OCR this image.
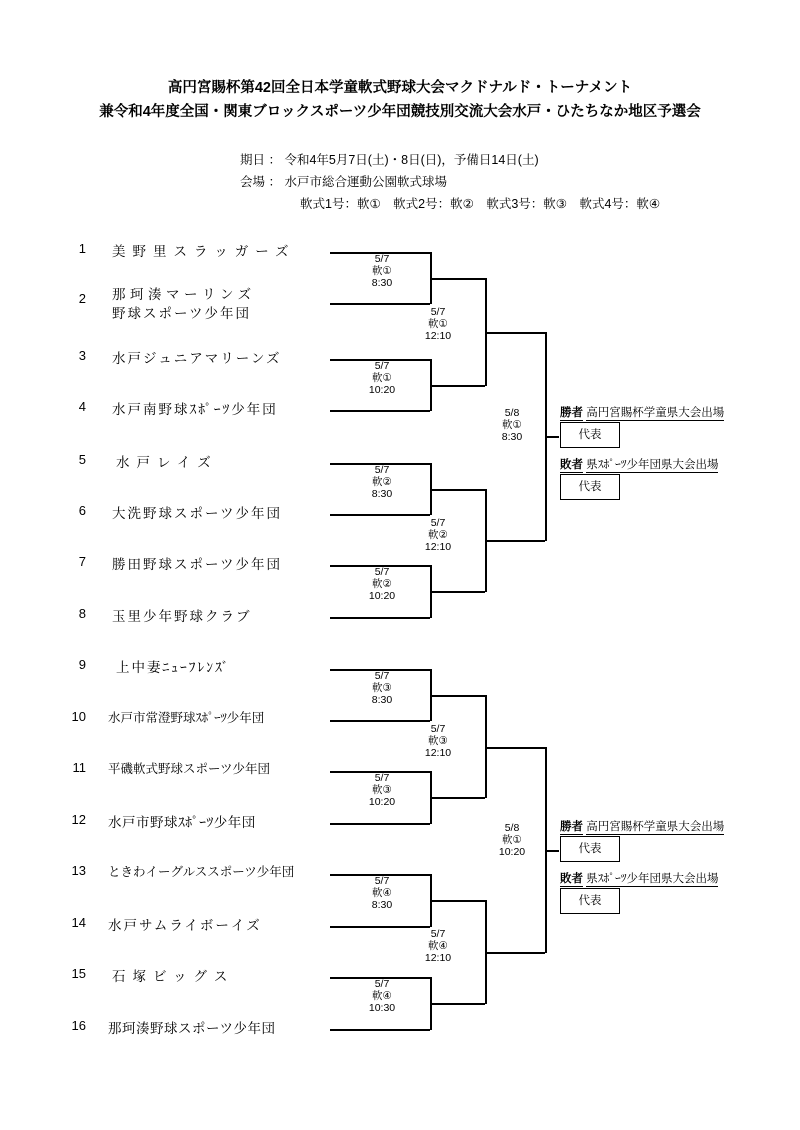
高円宮賜杯第42回全日本学童軟式野球大会マクドナルド・トーナメント
兼令和4年度全国・関東ブロックスポーツ少年団競技別交流大会水戸・ひたちなか地区予選会
期日 ： 令和4年5月7日(土)・8日(日)，予備日14日(土)
会場 ： 水戸市総合運動公園軟式球場
軟式1号：軟①　軟式2号：軟②　軟式3号：軟③　軟式4号：軟④
1 美野里スラッガーズ
2 那珂湊マーリンズ
野球スポーツ少年団
3 水戸ジュニアマリーンズ
4 水戸南野球ｽﾎﾟｰﾂ少年団
5 水戸レイズ
6 大洗野球スポーツ少年団
7 勝田野球スポーツ少年団
8 玉里少年野球クラブ
9 上中妻ﾆｭｰﾌﾚﾝｽﾞ
10 水戸市常澄野球ｽﾎﾟｰﾂ少年団
11 平磯軟式野球スポーツ少年団
12 水戸市野球ｽﾎﾟｰﾂ少年団
13 ときわイーグルススポーツ少年団
14 水戸サムライボーイズ
15 石塚ビッグス
16 那珂湊野球スポーツ少年団
5/7
軟①
8:30
5/7
軟①
10:20
5/7
軟①
12:10
5/7
軟②
8:30
5/7
軟②
10:20
5/7
軟②
12:10
5/8
軟①
8:30
5/7
軟③
8:30
5/7
軟③
10:20
5/7
軟③
12:10
5/7
軟④
8:30
5/7
軟④
10:30
5/7
軟④
12:10
5/8
軟①
10:20
勝者 高円宮賜杯学童県大会出場
代表
敗者 県ｽﾎﾟｰﾂ少年団県大会出場
代表
勝者 高円宮賜杯学童県大会出場
代表
敗者 県ｽﾎﾟｰﾂ少年団県大会出場
代表
